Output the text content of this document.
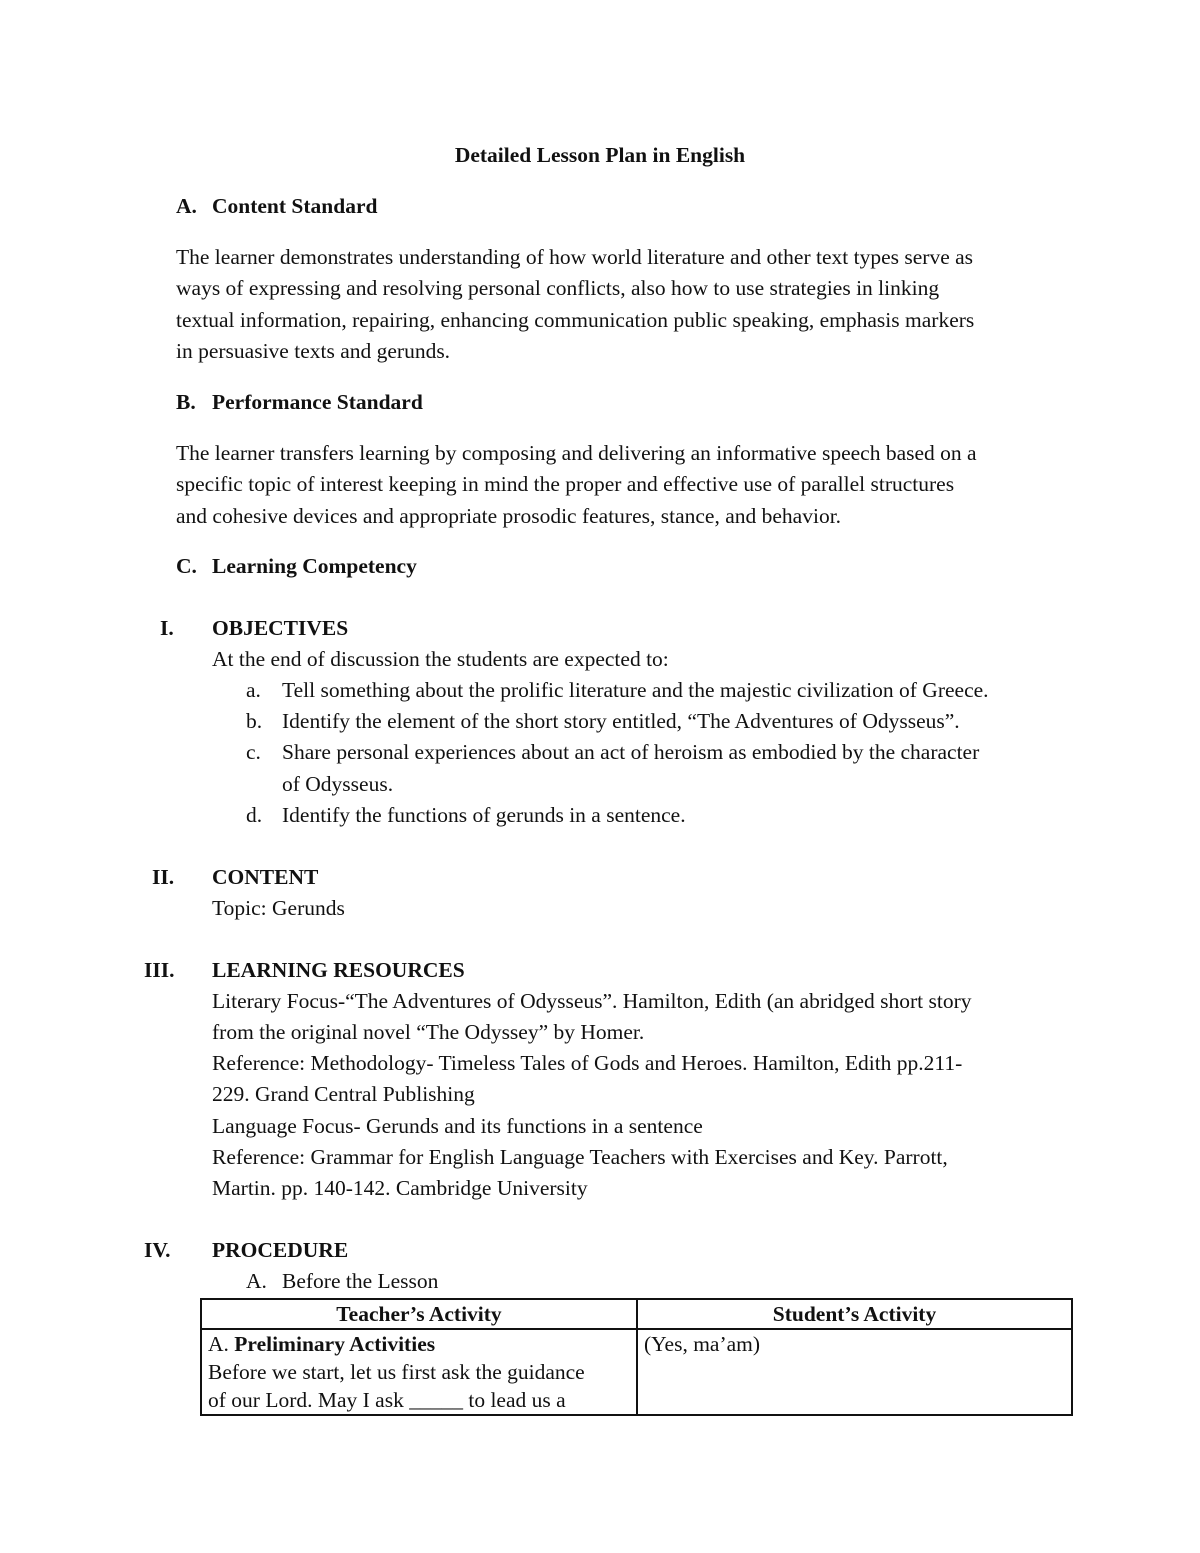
Detailed Lesson Plan in English
A. Content Standard
The learner demonstrates understanding of how world literature and other text types serve as
ways of expressing and resolving personal conflicts, also how to use strategies in linking
textual information, repairing, enhancing communication public speaking, emphasis markers
in persuasive texts and gerunds.
B. Performance Standard
The learner transfers learning by composing and delivering an informative speech based on a
specific topic of interest keeping in mind the proper and effective use of parallel structures
and cohesive devices and appropriate prosodic features, stance, and behavior.
C. Learning Competency
I. OBJECTIVES
At the end of discussion the students are expected to:
a. Tell something about the prolific literature and the majestic civilization of Greece.
b. Identify the element of the short story entitled, “The Adventures of Odysseus”.
c. Share personal experiences about an act of heroism as embodied by the character
of Odysseus.
d. Identify the functions of gerunds in a sentence.
II. CONTENT
Topic: Gerunds
III. LEARNING RESOURCES
Literary Focus-“The Adventures of Odysseus”. Hamilton, Edith (an abridged short story
from the original novel “The Odyssey” by Homer.
Reference: Methodology- Timeless Tales of Gods and Heroes. Hamilton, Edith pp.211-
229. Grand Central Publishing
Language Focus- Gerunds and its functions in a sentence
Reference: Grammar for English Language Teachers with Exercises and Key. Parrott,
Martin. pp. 140-142. Cambridge University
IV. PROCEDURE
A. Before the Lesson
Teacher’s Activity	Student’s Activity

A. Preliminary Activities
Before we start, let us first ask the guidance
of our Lord. May I ask _____ to lead us a	(Yes, ma’am)
